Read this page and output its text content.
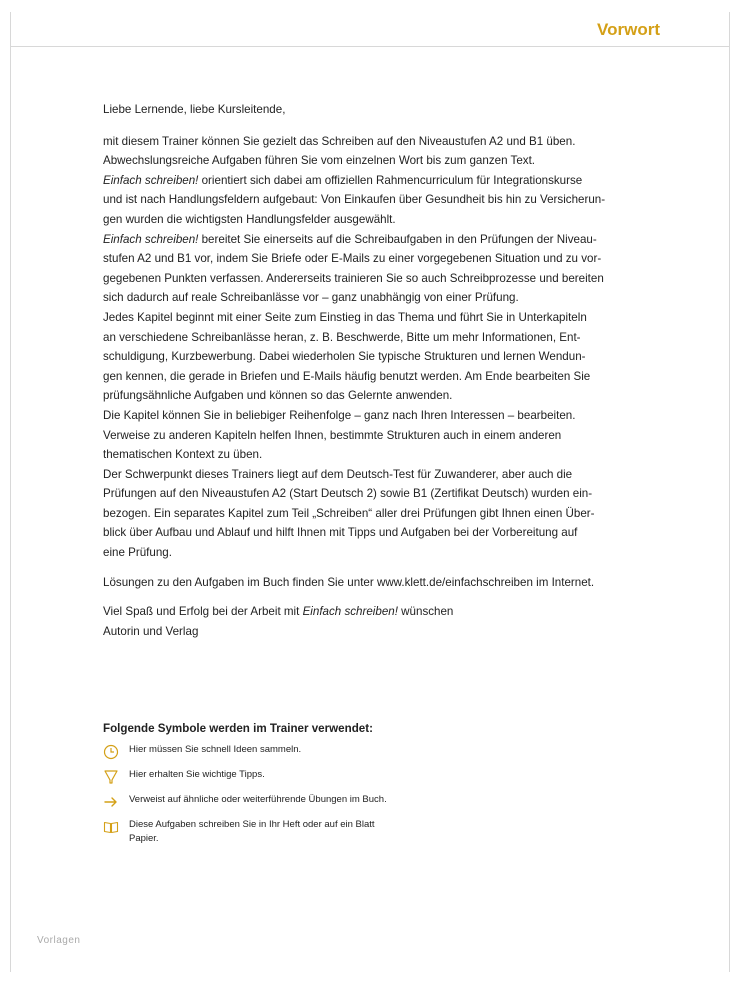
Vorwort

Liebe Lernende, liebe Kursleitende,

mit diesem Trainer können Sie gezielt das Schreiben auf den Niveaustufen A2 und B1 üben.

Abwechslungsreiche Aufgaben führen Sie vom einzelnen Wort bis zum ganzen Text.

Einfach schreiben! orientiert sich dabei am offiziellen Rahmencurriculum für Integrationskurse

und ist nach Handlungsfeldern aufgebaut: Von Einkaufen über Gesundheit bis hin zu Versicherun-

gen wurden die wichtigsten Handlungsfelder ausgewählt.

Einfach schreiben! bereitet Sie einerseits auf die Schreibaufgaben in den Prüfungen der Niveau-

stufen A2 und B1 vor, indem Sie Briefe oder E-Mails zu einer vorgegebenen Situation und zu vor-

gegebenen Punkten verfassen. Andererseits trainieren Sie so auch Schreibprozesse und bereiten

sich dadurch auf reale Schreibanlässe vor – ganz unabhängig von einer Prüfung.

Jedes Kapitel beginnt mit einer Seite zum Einstieg in das Thema und führt Sie in Unterkapiteln

an verschiedene Schreibanlässe heran, z. B. Beschwerde, Bitte um mehr Informationen, Ent-

schuldigung, Kurzbewerbung. Dabei wiederholen Sie typische Strukturen und lernen Wendun-

gen kennen, die gerade in Briefen und E-Mails häufig benutzt werden. Am Ende bearbeiten Sie

prüfungsähnliche Aufgaben und können so das Gelernte anwenden.

Die Kapitel können Sie in beliebiger Reihenfolge – ganz nach Ihren Interessen – bearbeiten.

Verweise zu anderen Kapiteln helfen Ihnen, bestimmte Strukturen auch in einem anderen

thematischen Kontext zu üben.

Der Schwerpunkt dieses Trainers liegt auf dem Deutsch-Test für Zuwanderer, aber auch die

Prüfungen auf den Niveaustufen A2 (Start Deutsch 2) sowie B1 (Zertifikat Deutsch) wurden ein-

bezogen. Ein separates Kapitel zum Teil „Schreiben“ aller drei Prüfungen gibt Ihnen einen Über-

blick über Aufbau und Ablauf und hilft Ihnen mit Tipps und Aufgaben bei der Vorbereitung auf

eine Prüfung.

Lösungen zu den Aufgaben im Buch finden Sie unter www.klett.de/einfachschreiben im Internet.

Viel Spaß und Erfolg bei der Arbeit mit Einfach schreiben! wünschen

Autorin und Verlag

Folgende Symbole werden im Trainer verwendet:
Hier müssen Sie schnell Ideen sammeln.
Hier erhalten Sie wichtige Tipps.
Verweist auf ähnliche oder weiterführende Übungen im Buch.
Diese Aufgaben schreiben Sie in Ihr Heft oder auf ein Blatt Papier.
Vorlagen
